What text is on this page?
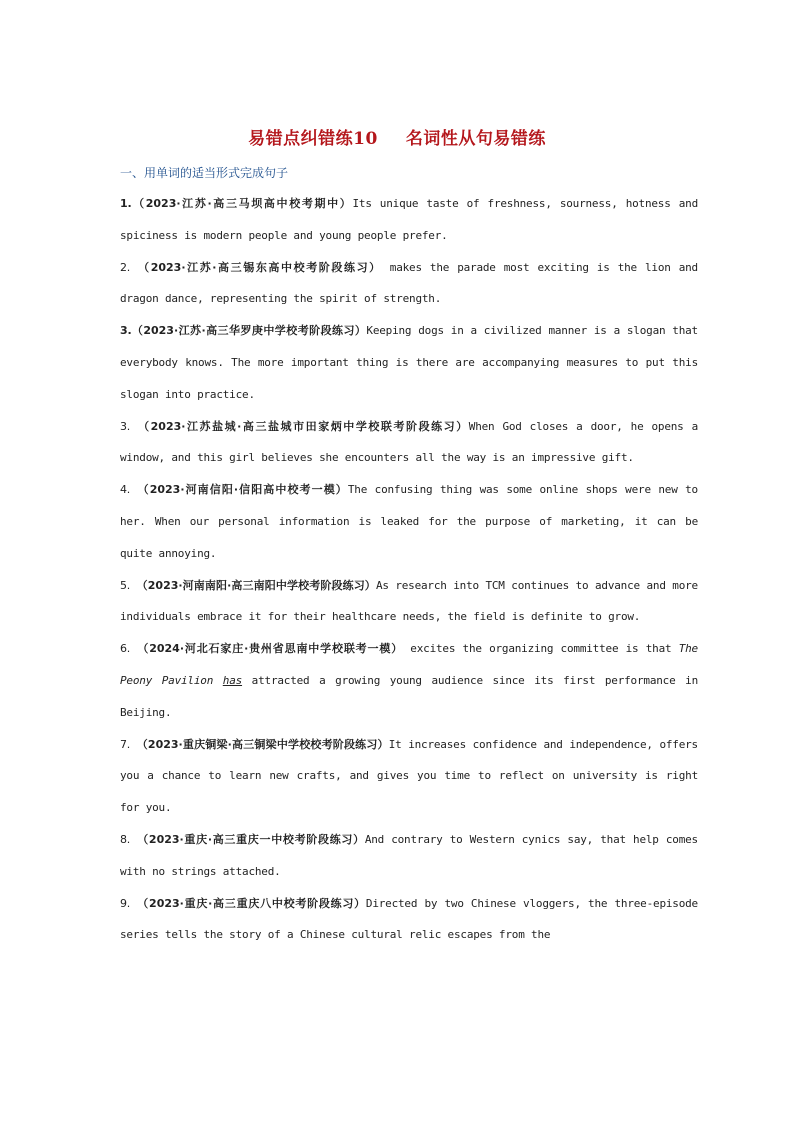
易错点纠错练10 名词性从句易错练
一、用单词的适当形式完成句子

1.（2023·江苏·高三马坝高中校考期中）Its unique taste of freshness, sourness, hotness and spiciness is modern people and young people prefer.

2. （2023·江苏·高三锡东高中校考阶段练习） makes the parade most exciting is the lion and dragon dance, representing the spirit of strength.

3.（2023·江苏·高三华罗庚中学校考阶段练习）Keeping dogs in a civilized manner is a slogan that everybody knows. The more important thing is there are accompanying measures to put this slogan into practice.

3. （2023·江苏盐城·高三盐城市田家炳中学校联考阶段练习）When God closes a door, he opens a window, and this girl believes she encounters all the way is an impressive gift.

4. （2023·河南信阳·信阳高中校考一模）The confusing thing was some online shops were new to her. When our personal information is leaked for the purpose of marketing, it can be quite annoying.

5. （2023·河南南阳·高三南阳中学校考阶段练习）As research into TCM continues to advance and more individuals embrace it for their healthcare needs, the field is definite to grow.

6. （2024·河北石家庄·贵州省思南中学校联考一模） excites the organizing committee is that The Peony Pavilion has attracted a growing young audience since its first performance in Beijing.

7. （2023·重庆铜梁·高三铜梁中学校校考阶段练习）It increases confidence and independence, offers you a chance to learn new crafts, and gives you time to reflect on university is right for you.

8. （2023·重庆·高三重庆一中校考阶段练习）And contrary to Western cynics say, that help comes with no strings attached.

9. （2023·重庆·高三重庆八中校考阶段练习）Directed by two Chinese vloggers, the three-episode series tells the story of a Chinese cultural relic escapes from the
